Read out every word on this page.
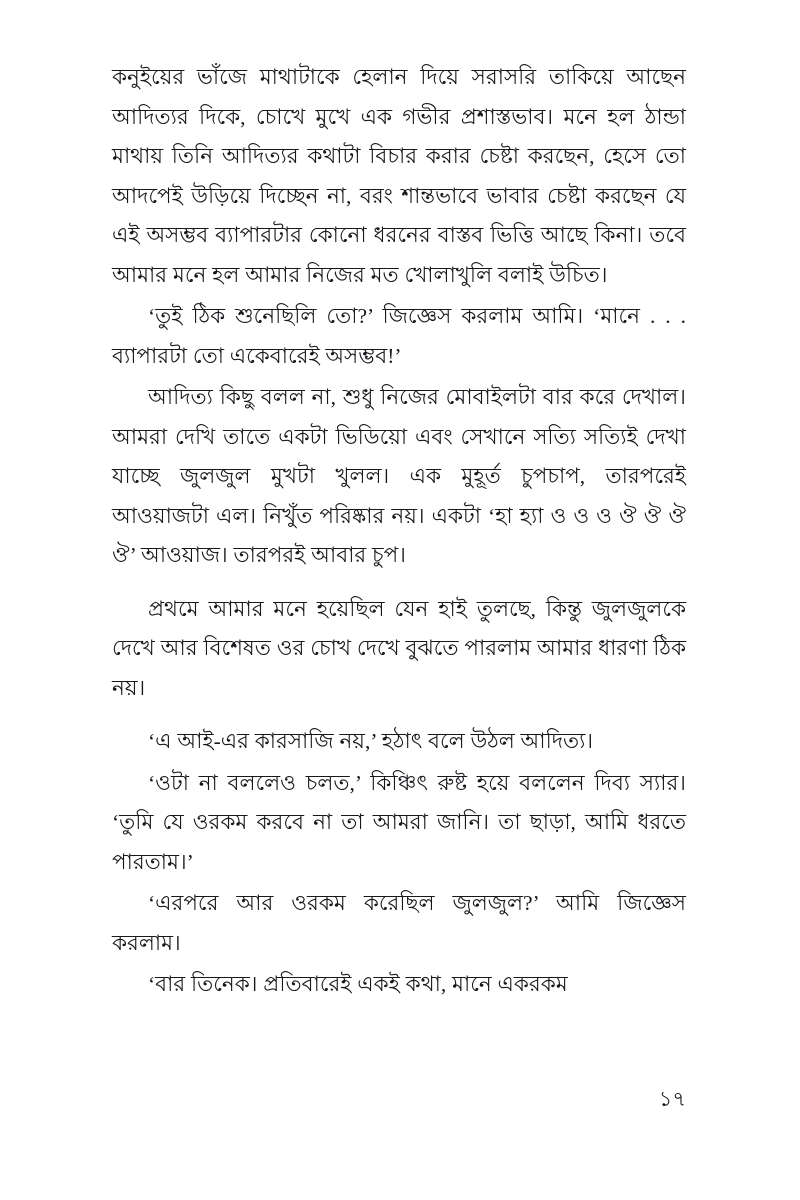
কনুইয়ের ভাঁজে মাথাটাকে হেলান দিয়ে সরাসরি তাকিয়ে আছেন আদিত্যর দিকে, চোখে মুখে এক গভীর প্রশাস্তভাব। মনে হল ঠান্ডা মাথায় তিনি আদিত্যর কথাটা বিচার করার চেষ্টা করছেন, হেসে তো আদপেই উড়িয়ে দিচ্ছেন না, বরং শান্তভাবে ভাবার চেষ্টা করছেন যে এই অসম্ভব ব্যাপারটার কোনো ধরনের বাস্তব ভিত্তি আছে কিনা। তবে আমার মনে হল আমার নিজের মত খোলাখুলি বলাই উচিত।

‘তুই ঠিক শুনেছিলি তো?’ জিজ্ঞেস করলাম আমি। ‘মানে . . . ব্যাপারটা তো একেবারেই অসম্ভব!’

আদিত্য কিছু বলল না, শুধু নিজের মোবাইলটা বার করে দেখাল। আমরা দেখি তাতে একটা ভিডিয়ো এবং সেখানে সত্যি সত্যিই দেখা যাচ্ছে জুলজুল মুখটা খুলল। এক মুহূর্ত চুপচাপ, তারপরেই আওয়াজটা এল। নিখুঁত পরিষ্কার নয়। একটা ‘হা হ্যা ও ও ও ঔ ঔ ঔ ঔ’ আওয়াজ। তারপরই আবার চুপ।

প্রথমে আমার মনে হয়েছিল যেন হাই তুলছে, কিন্তু জুলজুলকে দেখে আর বিশেষত ওর চোখ দেখে বুঝতে পারলাম আমার ধারণা ঠিক নয়।

‘এ আই-এর কারসাজি নয়,’ হঠাৎ বলে উঠল আদিত্য।

‘ওটা না বললেও চলত,’ কিঞ্চিৎ রুষ্ট হয়ে বললেন দিব্য স্যার। ‘তুমি যে ওরকম করবে না তা আমরা জানি। তা ছাড়া, আমি ধরতে পারতাম।’

‘এরপরে আর ওরকম করেছিল জুলজুল?’ আমি জিজ্ঞেস করলাম।

‘বার তিনেক। প্রতিবারেই একই কথা, মানে একরকম

১৭
